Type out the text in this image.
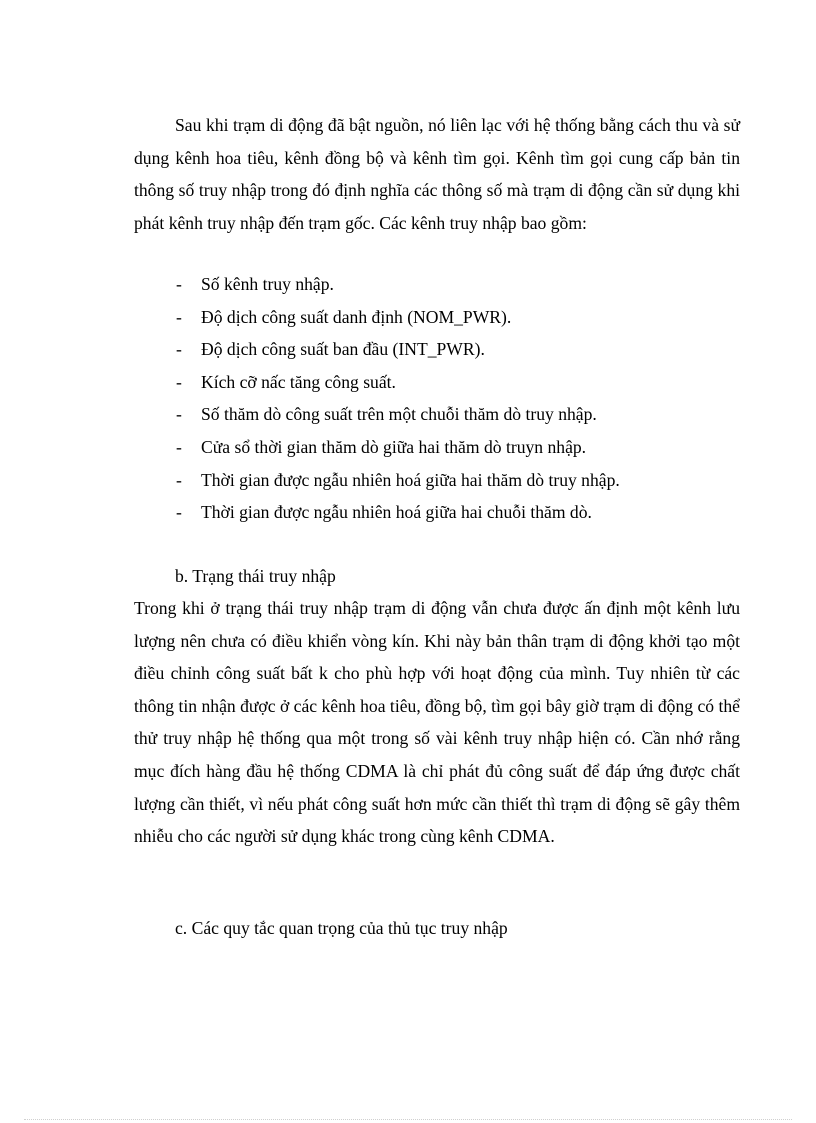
Sau khi trạm di động đã bật nguồn, nó liên lạc với hệ thống bằng cách thu và sử dụng kênh hoa tiêu, kênh đồng bộ và kênh tìm gọi. Kênh tìm gọi cung cấp bản tin thông số truy nhập trong đó định nghĩa các thông số mà trạm di động cần sử dụng khi phát kênh truy nhập đến trạm gốc. Các kênh truy nhập bao gồm:

- Số kênh truy nhập.
- Độ dịch công suất danh định (NOM_PWR).
- Độ dịch công suất ban đầu (INT_PWR).
- Kích cỡ nấc tăng công suất.
- Số thăm dò công suất trên một chuỗi thăm dò truy nhập.
- Cửa sổ thời gian thăm dò giữa hai thăm dò truyn nhập.
- Thời gian được ngẫu nhiên hoá giữa hai thăm dò truy nhập.
- Thời gian được ngẫu nhiên hoá giữa hai chuỗi thăm dò.
b. Trạng thái truy nhập

Trong khi ở trạng thái truy nhập trạm di động vẫn chưa được ấn định một kênh lưu lượng nên chưa có điều khiển vòng kín. Khi này bản thân trạm di động khởi tạo một điều chỉnh công suất bất k cho phù hợp với hoạt động của mình. Tuy nhiên từ các thông tin nhận được ở các kênh hoa tiêu, đồng bộ, tìm gọi bây giờ trạm di động có thể thử truy nhập hệ thống qua một trong số vài kênh truy nhập hiện có. Cần nhớ rằng mục đích hàng đầu hệ thống CDMA là chỉ phát đủ công suất để đáp ứng được chất lượng cần thiết, vì nếu phát công suất hơn mức cần thiết thì trạm di động sẽ gây thêm nhiễu cho các người sử dụng khác trong cùng kênh CDMA.

c. Các quy tắc quan trọng của thủ tục truy nhập
